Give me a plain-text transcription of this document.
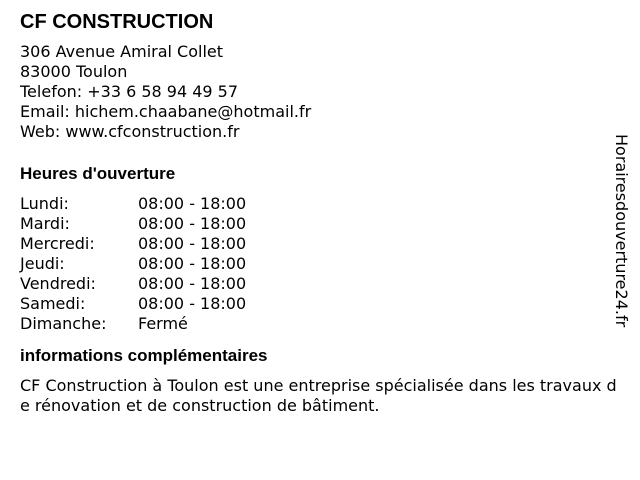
CF CONSTRUCTION
306 Avenue Amiral Collet
83000 Toulon
Telefon: +33 6 58 94 49 57
Email: hichem.chaabane@hotmail.fr
Web: www.cfconstruction.fr
Heures d'ouverture
Lundi:	08:00 - 18:00
Mardi:	08:00 - 18:00
Mercredi:	08:00 - 18:00
Jeudi:	08:00 - 18:00
Vendredi:	08:00 - 18:00
Samedi:	08:00 - 18:00
Dimanche: Fermé
informations complémentaires
CF Construction à Toulon est une entreprise spécialisée dans les travaux de rénovation et de construction de bâtiment.
Horairesdouverture24.fr
